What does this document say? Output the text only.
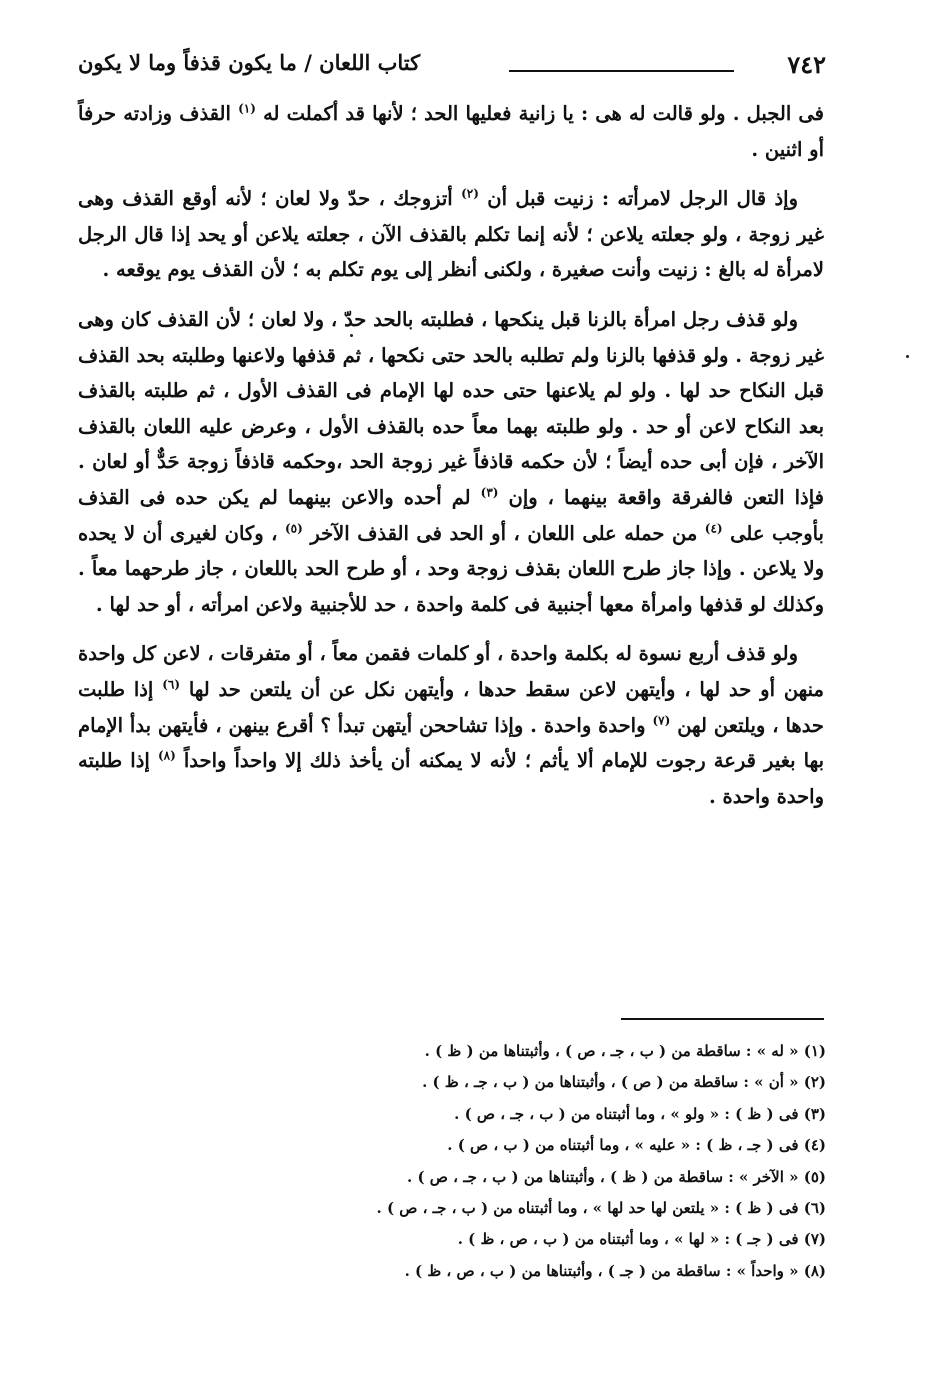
٧٤٢
كتاب اللعان / ما يكون قذفاً وما لا يكون

فى الجبل . ولو قالت له هى : يا زانية فعليها الحد ؛ لأنها قد أكملت له $^{(١)}$ القذف وزادته حرفاً أو اثنين .

وإذ قال الرجل لامرأته : زنيت قبل أن $^{(٢)}$ أتزوجك ، حدّ ولا لعان ؛ لأنه أوقع القذف وهى غير زوجة ، ولو جعلته يلاعن ؛ لأنه إنما تكلم بالقذف الآن ، جعلته يلاعن أو يحد إذا قال الرجل لامرأة له بالغ : زنيت وأنت صغيرة ، ولكنى أنظر إلى يوم تكلم به ؛ لأن القذف يوم يوقعه .

ولو قذف رجل امرأة بالزنا قبل ينكحها ، فطلبته بالحد حدّ ، ولا لعان ؛ لأن القذف كان وهى غير زوجة . ولو قذفها بالزنا ولم تطلبه بالحد حتى نكحها ، ثم قذفها ولاعنها وطلبته بحد القذف قبل النكاح حد لها . ولو لم يلاعنها حتى حده لها الإمام فى القذف الأول ، ثم طلبته بالقذف بعد النكاح لاعن أو حد . ولو طلبته بهما معاً حده بالقذف الأول ، وعرض عليه اللعان بالقذف الآخر ، فإن أبى حده أيضاً ؛ لأن حكمه قاذفاً غير زوجة الحد ،وحكمه قاذفاً زوجة حَدٌّ أو لعان . فإذا التعن فالفرقة واقعة بينهما ، وإن $^{(٣)}$ لم أحده والاعن بينهما لم يكن حده فى القذف بأوجب على $^{(٤)}$ من حمله على اللعان ، أو الحد فى القذف الآخر $^{(٥)}$ ، وكان لغيرى أن لا يحده ولا يلاعن . وإذا جاز طرح اللعان بقذف زوجة وحد ، أو طرح الحد باللعان ، جاز طرحهما معاً . وكذلك لو قذفها وامرأة معها أجنبية فى كلمة واحدة ، حد للأجنبية ولاعن امرأته ، أو حد لها .

ولو قذف أربع نسوة له بكلمة واحدة ، أو كلمات فقمن معاً ، أو متفرقات ، لاعن كل واحدة منهن أو حد لها ، وأيتهن لاعن سقط حدها ، وأيتهن نكل عن أن يلتعن حد لها $^{(٦)}$ إذا طلبت حدها ، ويلتعن لهن $^{(٧)}$ واحدة واحدة . وإذا تشاححن أيتهن تبدأ ؟ أقرع بينهن ، فأيتهن بدأ الإمام بها بغير قرعة رجوت للإمام ألا يأثم ؛ لأنه لا يمكنه أن يأخذ ذلك إلا واحداً واحداً $^{(٨)}$ إذا طلبته واحدة واحدة .

(١) « له » : ساقطة من ( ب ، جـ ، ص ) ، وأثبتناها من ( ظ ) .
(٢) « أن » : ساقطة من ( ص ) ، وأثبتناها من ( ب ، جـ ، ظ ) .
(٣) فى ( ظ ) : « ولو » ، وما أثبتناه من ( ب ، جـ ، ص ) .
(٤) فى ( جـ ، ظ ) : « عليه » ، وما أثبتناه من ( ب ، ص ) .
(٥) « الآخر » : ساقطة من ( ظ ) ، وأثبتناها من ( ب ، جـ ، ص ) .
(٦) فى ( ظ ) : « يلتعن لها حد لها » ، وما أثبتناه من ( ب ، جـ ، ص ) .
(٧) فى ( جـ ) : « لها » ، وما أثبتناه من ( ب ، ص ، ظ ) .
(٨) « واحداً » : ساقطة من ( جـ ) ، وأثبتناها من ( ب ، ص ، ظ ) .
